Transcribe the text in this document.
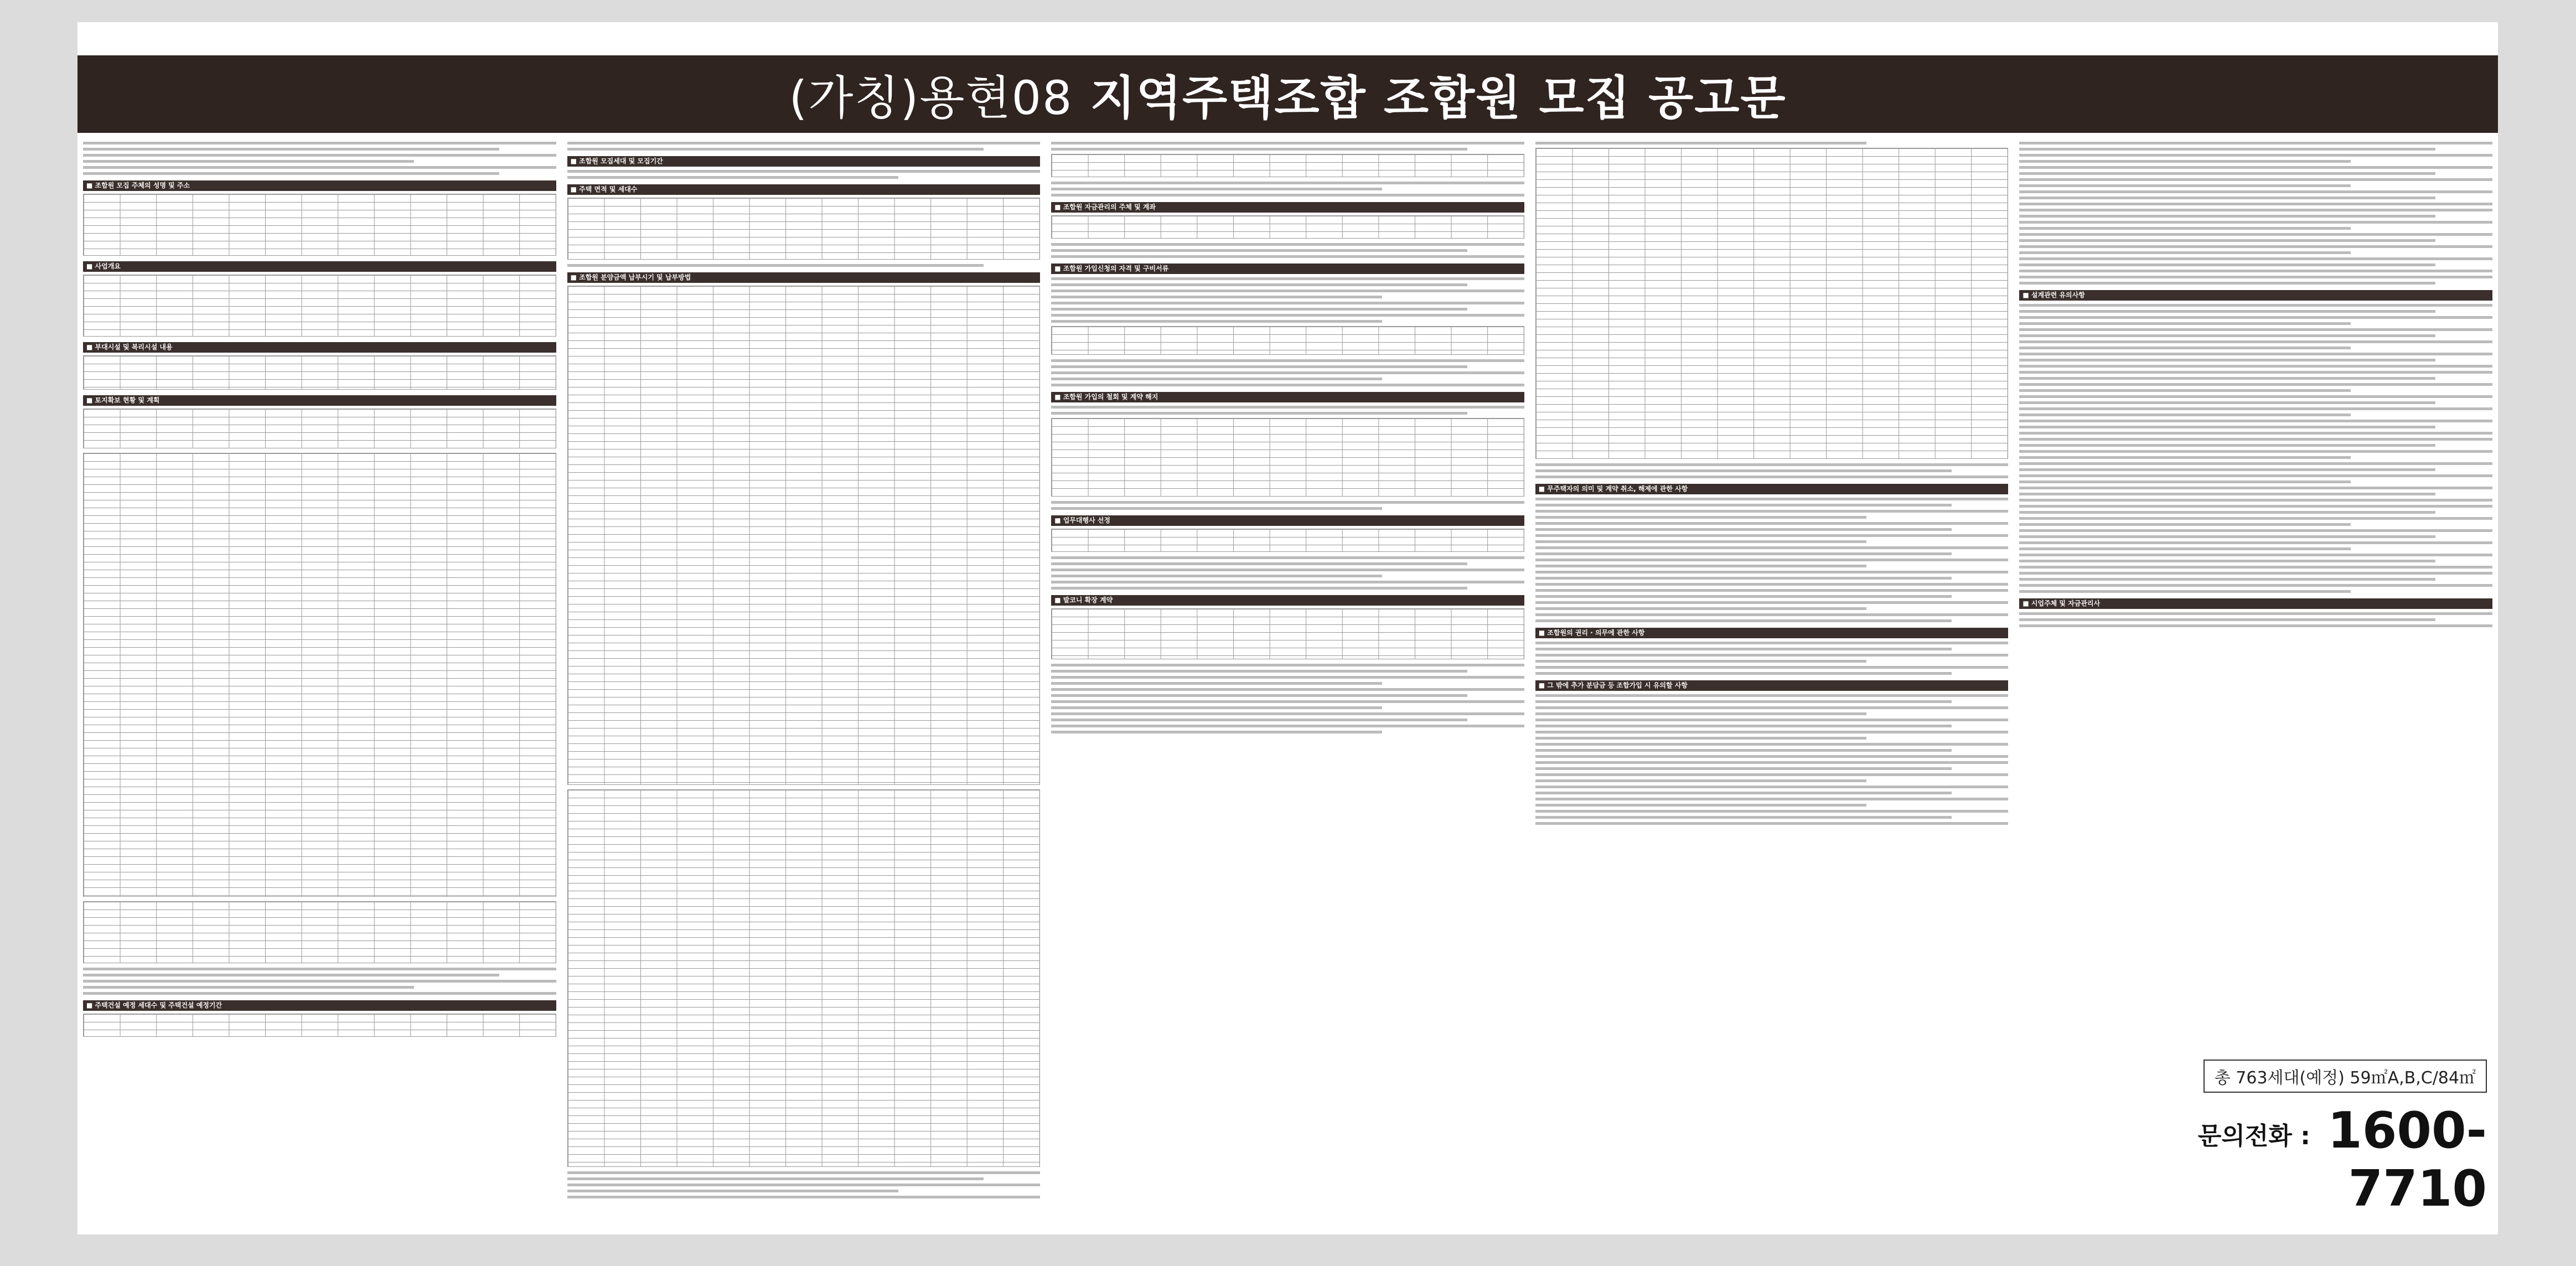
(가칭)용현08 지역주택조합 조합원 모집 공고문
■ 조합원 모집 주체의 성명 및 주소
■ 사업개요
■ 부대시설 및 복리시설 내용
■ 토지확보 현황 및 계획
■ 주택건설 예정 세대수 및 주택건설 예정기간
■ 조합원 모집세대 및 모집기간
■ 주택 면적 및 세대수
■ 조합원 분양금액 납부시기 및 납부방법
■ 조합원 자금관리의 주체 및 계좌
■ 조합원 가입신청의 자격 및 구비서류
■ 조합원 가입의 철회 및 계약 해지
■ 업무대행사 선정
■ 발코니 확장 계약
■ 무주택자의 의미 및 계약 취소, 해제에 관한 사항
■ 조합원의 권리 · 의무에 관한 사항
■ 그 밖에 추가 분담금 등 조합가입 시 유의할 사항
■ 설계관련 유의사항
■ 시업주체 및 자금관리사
총 763세대(예정) 59㎡A,B,C/84㎡
문의전화 : 1600-7710
